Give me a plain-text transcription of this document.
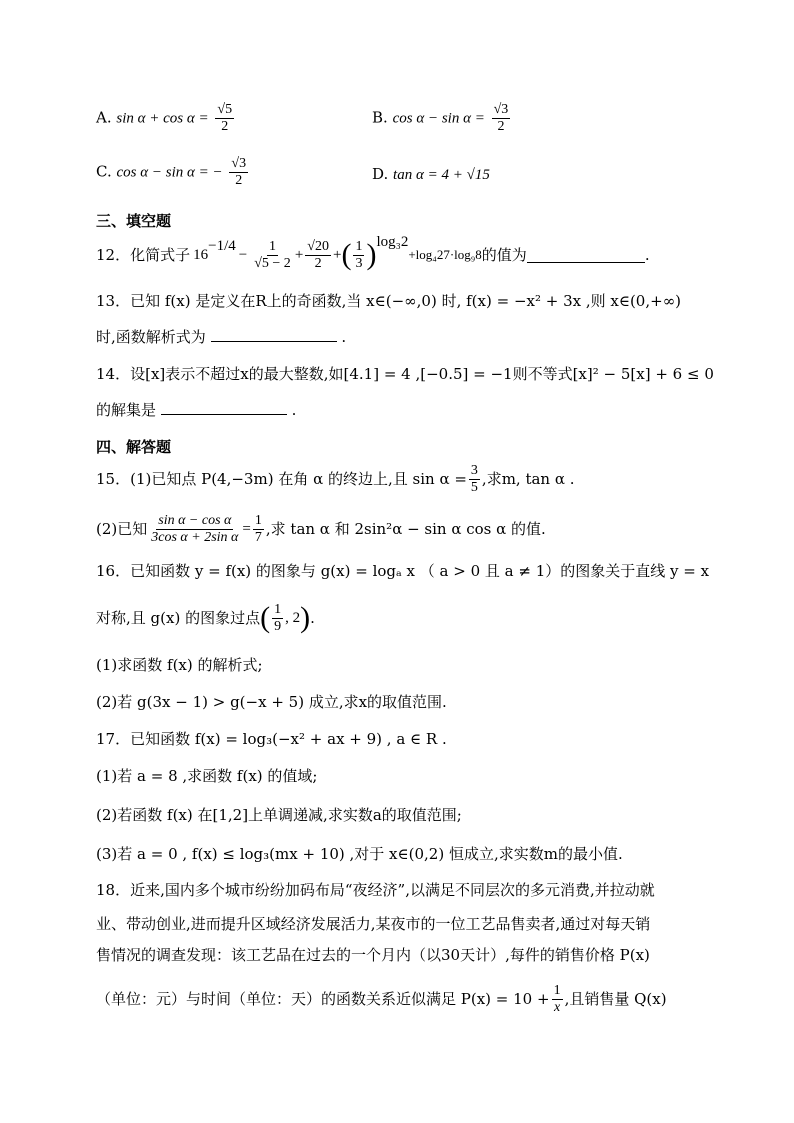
A. $\sin \alpha + \cos \alpha = \frac{√5}{2}$	B. $\cos \alpha - \sin \alpha = \frac{√3}{2}$
C. cos α − sin α = − $\frac{√3}{2}$	D. tan α = 4 + √15
三、填空题
12． 化简式子 16
−1/4
− $\frac{1}{√5 - 2} + \frac{√20}{2}$ + ( $\frac{1}{3}$ ) log₃2
+log₄27·log₉8 的值为	.
13．已知 f(x) 是定义在R上的奇函数,当 x∈(−∞,0) 时, f(x) = −x² + 3x ,则 x∈(0,+∞)
时,函数解析式为	.
14．设[x]表示不超过x的最大整数,如[4.1] = 4 ,[−0.5] = −1则不等式[x]² − 5[x] + 6 ≤ 0
的解集是	.
四、解答题
15． (1)已知点 P(4,−3m) 在角 α 的终边上,且 $\sin \alpha = \frac{3}{5}$ ,求m, tan α .
(2)已知 $\frac{\text{sin α − cos α}}{\text{3cos α + 2sin α}} = \frac{1}{7}$ ,求 tan α 和 2sin²α − sin α cos α 的值.
16．已知函数 y = f(x) 的图象与 g(x) = logₐ x （ a > 0 且 a ≠ 1）的图象关于直线 y = x
对称,且 g(x) 的图象过点 ( $\frac{1}{9}$ , 2 ) .
(1)求函数 f(x) 的解析式;
(2)若 g(3x − 1) > g(−x + 5) 成立,求x的取值范围.
17．已知函数 f(x) = log₃(−x² + ax + 9) , a ∈ R .
(1)若 a = 8 ,求函数 f(x) 的值域;
(2)若函数 f(x) 在[1,2]上单调递减,求实数a的取值范围;
(3)若 a = 0 , f(x) ≤ log₃(mx + 10) ,对于 x∈(0,2) 恒成立,求实数m的最小值.
18．近来,国内多个城市纷纷加码布局“夜经济”,以满足不同层次的多元消费,并拉动就
业、带动创业,进而提升区域经济发展活力,某夜市的一位工艺品售卖者,通过对每天销
售情况的调查发现：该工艺品在过去的一个月内（以30天计）,每件的销售价格 P(x)
（单位：元）与时间（单位：天）的函数关系近似满足 $P(x) = 10 + \frac{1}{x}$ ,且销售量 Q(x)
